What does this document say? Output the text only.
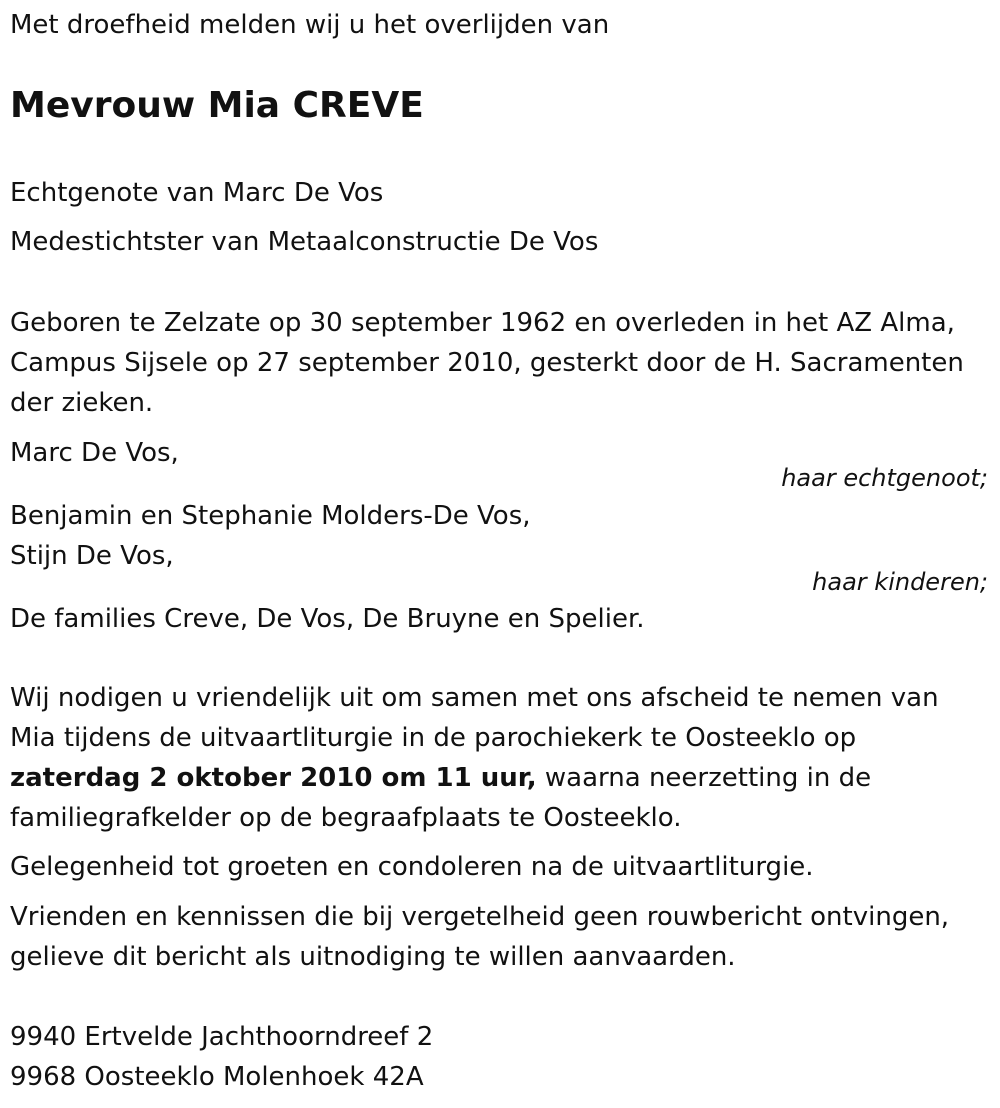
Met droefheid melden wij u het overlijden van
Mevrouw Mia CREVE
Echtgenote van Marc De Vos
Medestichtster van Metaalconstructie De Vos
Geboren te Zelzate op 30 september 1962 en overleden in het AZ Alma,
Campus Sijsele op 27 september 2010, gesterkt door de H. Sacramenten
der zieken.
Marc De Vos,
haar echtgenoot;
Benjamin en Stephanie Molders-De Vos,
Stijn De Vos,
haar kinderen;
De families Creve, De Vos, De Bruyne en Spelier.
Wij nodigen u vriendelijk uit om samen met ons afscheid te nemen van
Mia tijdens de uitvaartliturgie in de parochiekerk te Oosteeklo op
zaterdag 2 oktober 2010 om 11 uur, waarna neerzetting in de
familiegrafkelder op de begraafplaats te Oosteeklo.
Gelegenheid tot groeten en condoleren na de uitvaartliturgie.
Vrienden en kennissen die bij vergetelheid geen rouwbericht ontvingen,
gelieve dit bericht als uitnodiging te willen aanvaarden.
9940 Ertvelde Jachthoorndreef 2
9968 Oosteeklo Molenhoek 42A
